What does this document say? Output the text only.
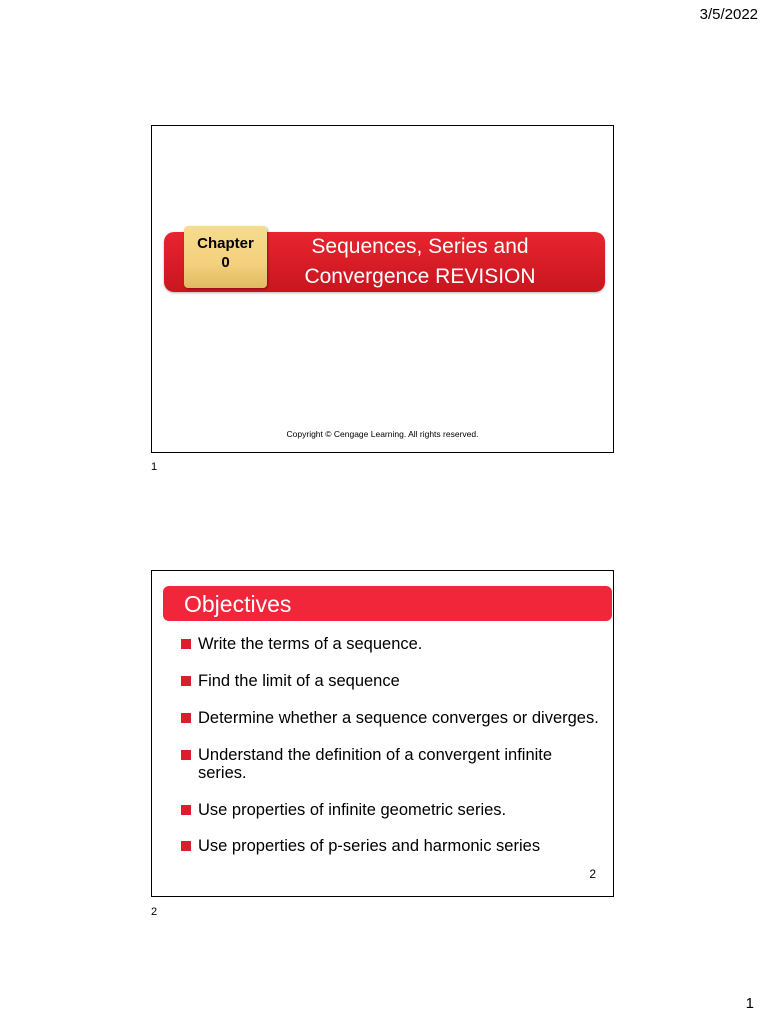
3/5/2022
Chapter
0
Sequences, Series and
Convergence REVISION
Copyright © Cengage Learning. All rights reserved.
1
Objectives
Write the terms of a sequence.
Find the limit of a sequence
Determine whether a sequence converges or diverges.
Understand the definition of a convergent infinite series.
Use properties of infinite geometric series.
Use properties of p-series and harmonic series
2
2
1
